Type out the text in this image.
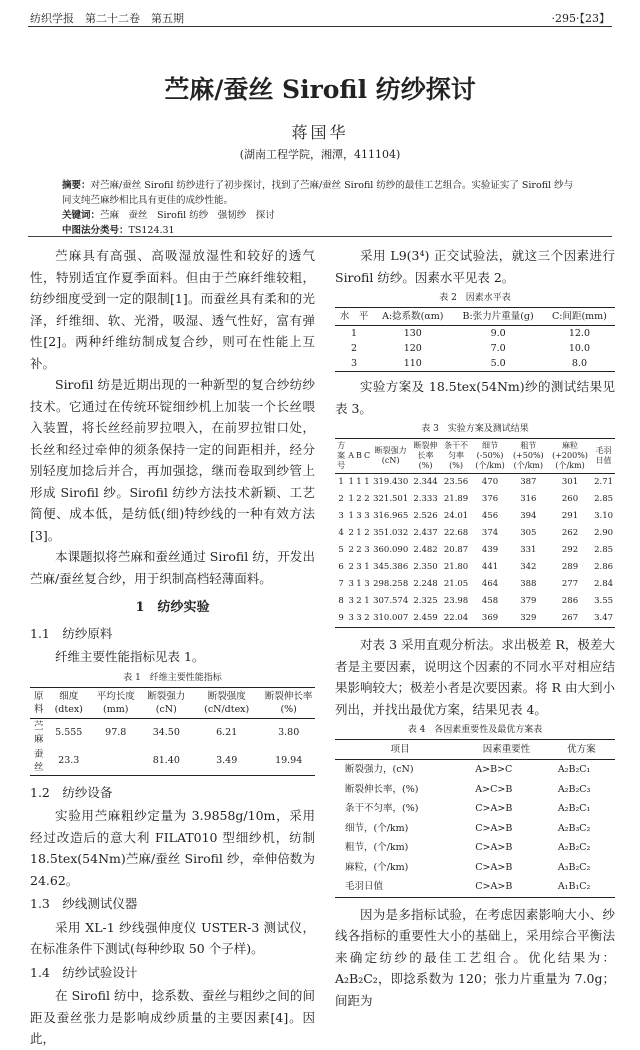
纺织学报　第二十二卷　第五期	·295·【23】
苎麻/蚕丝 Sirofil 纺纱探讨
蒋国华
(湖南工程学院，湘潭，411104)
摘要：对苎麻/蚕丝 Sirofil 纺纱进行了初步探讨，找到了苎麻/蚕丝 Sirofil 纺纱的最佳工艺组合。实验证实了 Sirofil 纱与同支纯苎麻纱相比具有更佳的成纱性能。
关键词：苎麻　蚕丝　Sirofil 纺纱　强韧纱　探讨
中图法分类号：TS124.31

苎麻具有高强、高吸湿放湿性和较好的透气性，特别适宜作夏季面料。但由于苎麻纤维较粗，纺纱细度受到一定的限制[1]。而蚕丝具有柔和的光泽，纤维细、软、光滑，吸湿、透气性好，富有弹性[2]。两种纤维纺制成复合纱，则可在性能上互补。

Sirofil 纺是近期出现的一种新型的复合纱纺纱技术。它通过在传统环锭细纱机上加装一个长丝喂入装置，将长丝经前罗拉喂入，在前罗拉钳口处，长丝和经过牵伸的须条保持一定的间距相并，经分别轻度加捻后并合，再加强捻，继而卷取到纱管上形成 Sirofil 纱。Sirofil 纺纱方法技术新颖、工艺简便、成本低，是纺低(细)特纱线的一种有效方法[3]。

本课题拟将苎麻和蚕丝通过 Sirofil 纺，开发出苎麻/蚕丝复合纱，用于织制高档轻薄面料。

1　纺纱实验
1.1　纺纱原料

纤维主要性能指标见表 1。

表 1　纤维主要性能指标
原料	细度(dtex)	平均长度(mm)	断裂强力(cN)	断裂强度(cN/dtex)	断裂伸长率(%)
苎麻	5.555	97.8	34.50	6.21	3.80
蚕丝	23.3		81.40	3.49	19.94
1.2　纺纱设备

实验用苎麻粗纱定量为 3.9858g/10m，采用经过改造后的意大利 FILAT010 型细纱机，纺制 18.5tex(54Nm)苎麻/蚕丝 Sirofil 纱，牵伸倍数为 24.62。

1.3　纱线测试仪器

采用 XL-1 纱线强伸度仪 USTER-3 测试仪，在标准条件下测试(每种纱取 50 个子样)。

1.4　纺纱试验设计

在 Sirofil 纺中，捻系数、蚕丝与粗纱之间的间距及蚕丝张力是影响成纱质量的主要因素[4]。因此，

采用 L9(3⁴) 正交试验法，就这三个因素进行 Sirofil 纺纱。因素水平见表 2。

表 2　因素水平表
水　平	A:捻系数(αm)	B:张力片重量(g)	C:间距(mm)
1	130	9.0	12.0
2	120	7.0	10.0
3	110	5.0	8.0

实验方案及 18.5tex(54Nm)纱的测试结果见表 3。

表 3　实验方案及测试结果
方案号	A	B	C	断裂强力(cN)	断裂伸长率(%)	条干不匀率(%)	细节(-50%)(个/km)	粗节(+50%)(个/km)	麻粒(+200%)(个/km)	毛羽日值
1	1	1	1	319.430	2.344	23.56	470	387	301	2.71
2	1	2	2	321.501	2.333	21.89	376	316	260	2.85
3	1	3	3	316.965	2.526	24.01	456	394	291	3.10
4	2	1	2	351.032	2.437	22.68	374	305	262	2.90
5	2	2	3	360.090	2.482	20.87	439	331	292	2.85
6	2	3	1	345.386	2.350	21.80	441	342	289	2.86
7	3	1	3	298.258	2.248	21.05	464	388	277	2.84
8	3	2	1	307.574	2.325	23.98	458	379	286	3.55
9	3	3	2	310.007	2.459	22.04	369	329	267	3.47

对表 3 采用直观分析法。求出极差 R，极差大者是主要因素，说明这个因素的不同水平对相应结果影响较大；极差小者是次要因素。将 R 由大到小列出，并找出最优方案，结果见表 4。

表 4　各因素重要性及最优方案表
项目	因素重要性	优方案
断裂强力，(cN)	A>B>C	A₂B₂C₁
断裂伸长率，(%)	A>C>B	A₂B₂C₃
条干不匀率，(%)	C>A>B	A₂B₂C₁
细节，(个/km)	C>A>B	A₂B₃C₂
粗节，(个/km)	C>A>B	A₂B₂C₂
麻粒，(个/km)	C>A>B	A₃B₂C₂
毛羽日值	C>A>B	A₁B₁C₂

因为是多指标试验，在考虑因素影响大小、纱线各指标的重要性大小的基础上，采用综合平衡法来确定纺纱的最佳工艺组合。优化结果为：A₂B₂C₂，即捻系数为 120；张力片重量为 7.0g；间距为
